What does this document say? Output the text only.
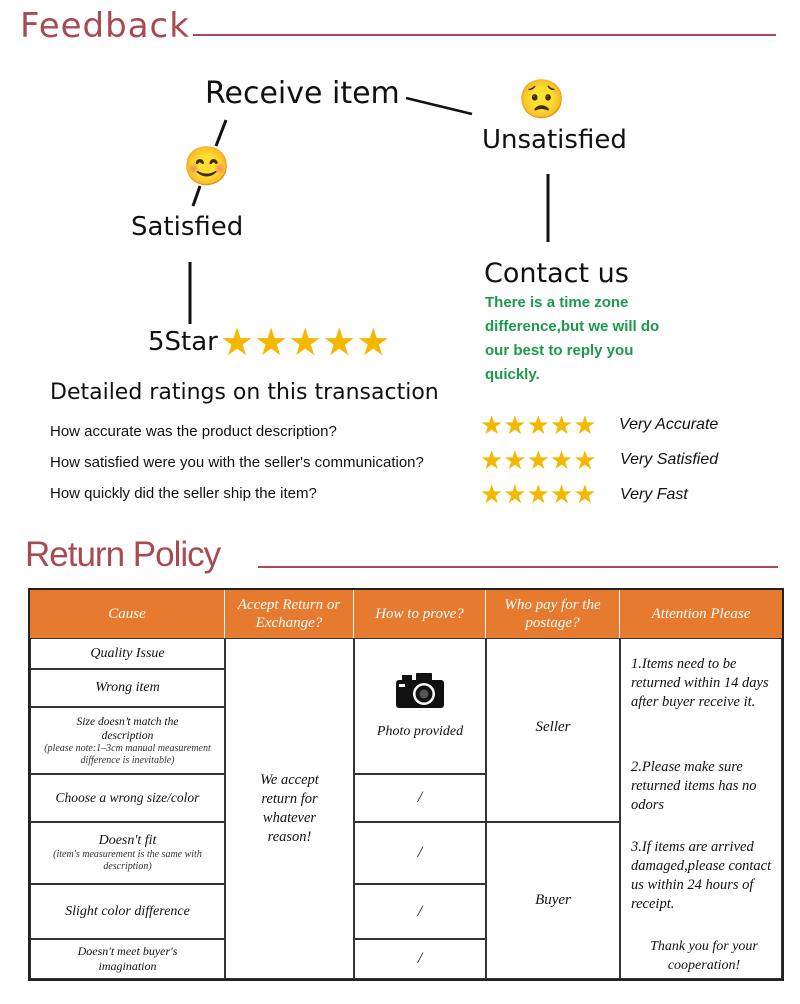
Feedback
Receive item
😊
😟
Satisfied
Unsatisfied
5Star ★★★★★
Contact us
There is a time zone difference,but we will do our best to reply you quickly.
Detailed ratings on this transaction
How accurate was the product description?	★★★★★ Very Accurate
How satisfied were you with the seller's communication? ★★★★★ Very Satisfied
How quickly did the seller ship the item?	★★★★★ Very Fast
Return Policy
Cause
Accept Return or Exchange?
How to prove?
Who pay for the postage?
Attention Please
Quality Issue
Wrong item
Size doesn’t match the description
(please note:1–3cm manual measurement difference is inevitable)
Choose a wrong size/color
Doesn't fit
(item's measurement is the same with description)
Slight color difference
Doesn't meet buyer's imagination
We accept return for whatever reason!
Photo provided
/
/
/
/
Seller
Buyer
1.Items need to be returned within 14 days after buyer receive it.
2.Please make sure returned items has no odors
3.If items are arrived damaged,please contact us within 24 hours of receipt.
Thank you for your cooperation!
